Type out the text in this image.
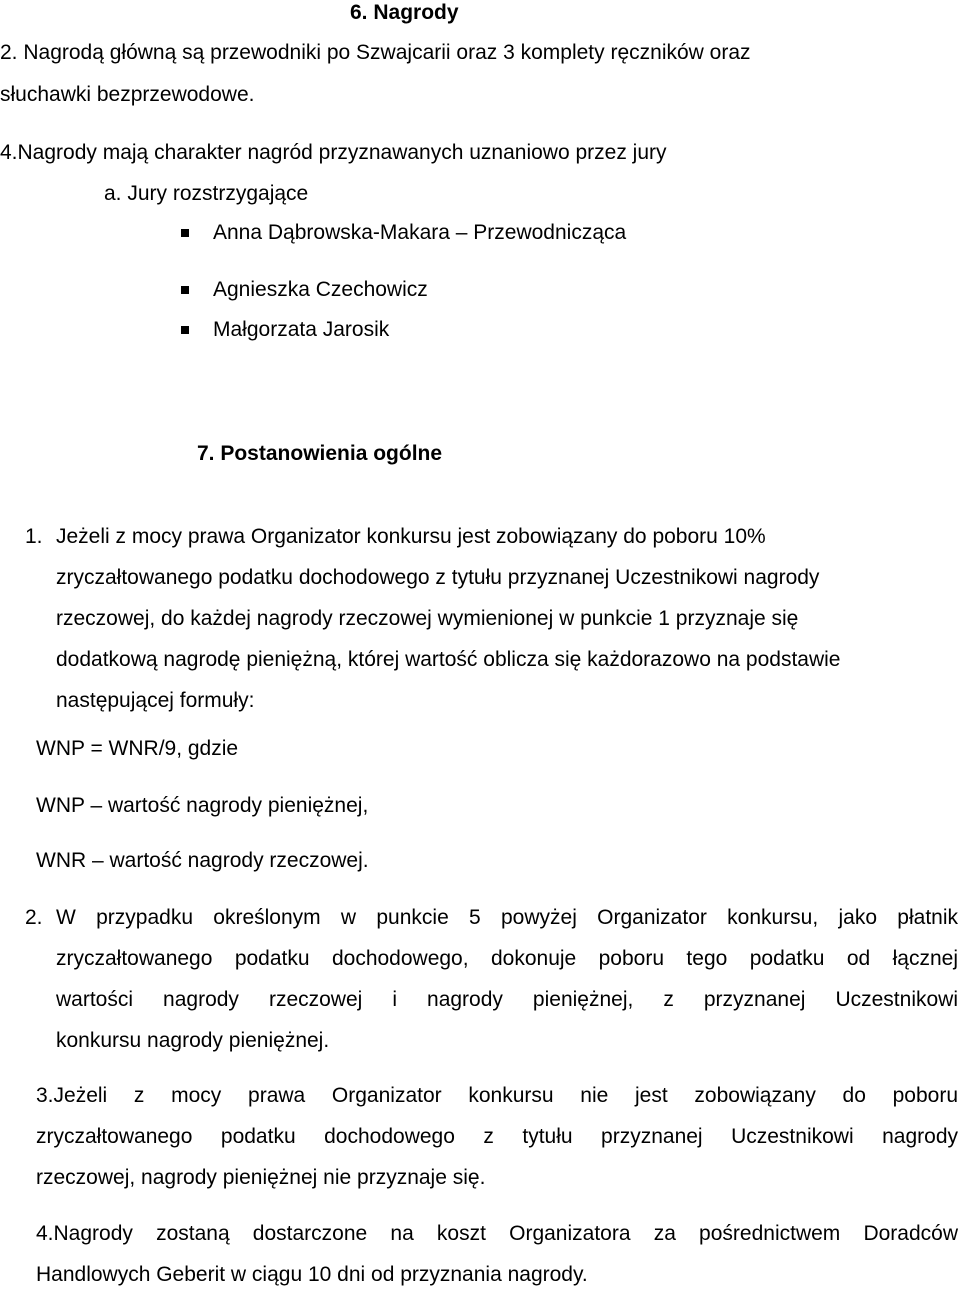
6. Nagrody
2. Nagrodą główną są przewodniki po Szwajcarii oraz 3 komplety ręczników oraz
słuchawki bezprzewodowe.
4.Nagrody mają charakter nagród przyznawanych uznaniowo przez jury
a. Jury rozstrzygające
Anna Dąbrowska-Makara – Przewodnicząca
Agnieszka Czechowicz
Małgorzata Jarosik
7. Postanowienia ogólne
1. Jeżeli z mocy prawa Organizator konkursu jest zobowiązany do poboru 10%
zryczałtowanego podatku dochodowego z tytułu przyznanej Uczestnikowi nagrody
rzeczowej, do każdej nagrody rzeczowej wymienionej w punkcie 1 przyznaje się
dodatkową nagrodę pieniężną, której wartość oblicza się każdorazowo na podstawie
następującej formuły:
WNP = WNR/9, gdzie
WNP – wartość nagrody pieniężnej,
WNR – wartość nagrody rzeczowej.
2. W przypadku określonym w punkcie 5 powyżej Organizator konkursu, jako płatnik
zryczałtowanego podatku dochodowego, dokonuje poboru tego podatku od łącznej
wartości nagrody rzeczowej i nagrody pieniężnej, z przyznanej Uczestnikowi
konkursu nagrody pieniężnej.
3.Jeżeli z mocy prawa Organizator konkursu nie jest zobowiązany do poboru
zryczałtowanego podatku dochodowego z tytułu przyznanej Uczestnikowi nagrody
rzeczowej, nagrody pieniężnej nie przyznaje się.
4.Nagrody zostaną dostarczone na koszt Organizatora za pośrednictwem Doradców
Handlowych Geberit w ciągu 10 dni od przyznania nagrody.
